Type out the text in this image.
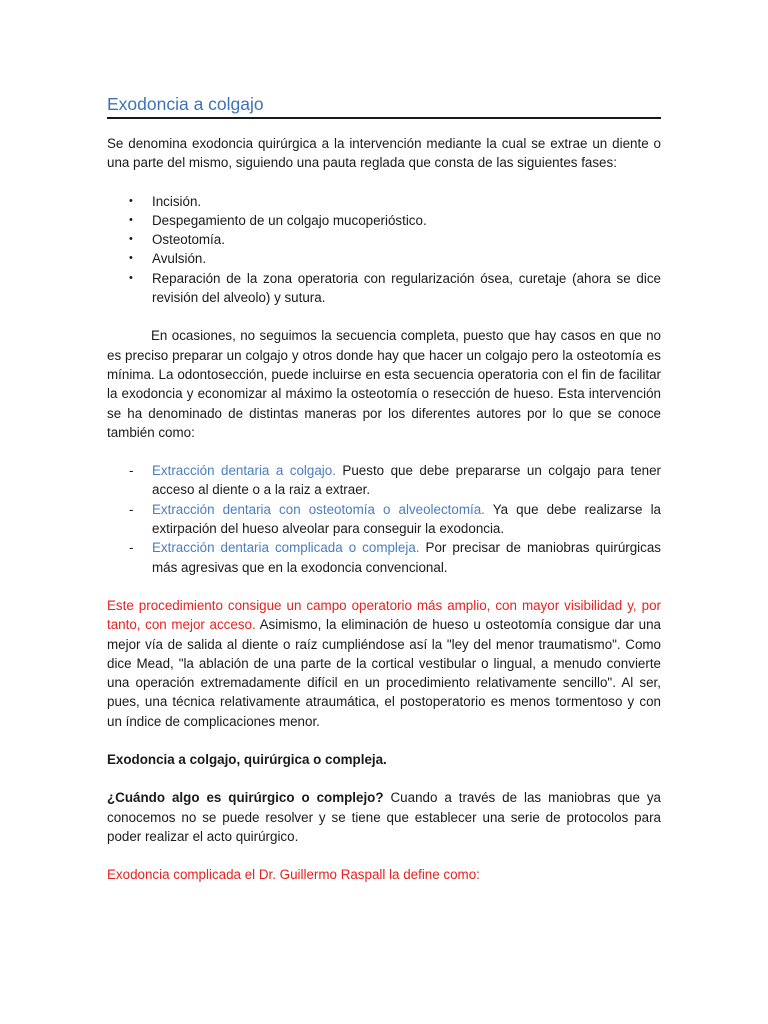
Exodoncia a colgajo

Se denomina exodoncia quirúrgica a la intervención mediante la cual se extrae un diente o una parte del mismo, siguiendo una pauta reglada que consta de las siguientes fases:

• Incisión.
• Despegamiento de un colgajo mucoperióstico.
• Osteotomía.
• Avulsión.
• Reparación de la zona operatoria con regularización ósea, curetaje (ahora se dice revisión del alveolo) y sutura.

En ocasiones, no seguimos la secuencia completa, puesto que hay casos en que no es preciso preparar un colgajo y otros donde hay que hacer un colgajo pero la osteotomía es mínima. La odontosección, puede incluirse en esta secuencia operatoria con el fin de facilitar la exodoncia y economizar al máximo la osteotomía o resección de hueso. Esta intervención se ha denominado de distintas maneras por los diferentes autores por lo que se conoce también como:

- Extracción dentaria a colgajo. Puesto que debe prepararse un colgajo para tener acceso al diente o a la raiz a extraer.
- Extracción dentaria con osteotomía o alveolectomía. Ya que debe realizarse la extirpación del hueso alveolar para conseguir la exodoncia.
- Extracción dentaria complicada o compleja. Por precisar de maniobras quirúrgicas más agresivas que en la exodoncia convencional.

Este procedimiento consigue un campo operatorio más amplio, con mayor visibilidad y, por tanto, con mejor acceso. Asimismo, la eliminación de hueso u osteotomía consigue dar una mejor vía de salida al diente o raíz cumpliéndose así la "ley del menor traumatismo". Como dice Mead, "la ablación de una parte de la cortical vestibular o lingual, a menudo convierte una operación extremadamente difícil en un procedimiento relativamente sencillo". Al ser, pues, una técnica relativamente atraumática, el postoperatorio es menos tormentoso y con un índice de complicaciones menor.

Exodoncia a colgajo, quirúrgica o compleja.

¿Cuándo algo es quirúrgico o complejo? Cuando a través de las maniobras que ya conocemos no se puede resolver y se tiene que establecer una serie de protocolos para poder realizar el acto quirúrgico.

Exodoncia complicada el Dr. Guillermo Raspall la define como:
